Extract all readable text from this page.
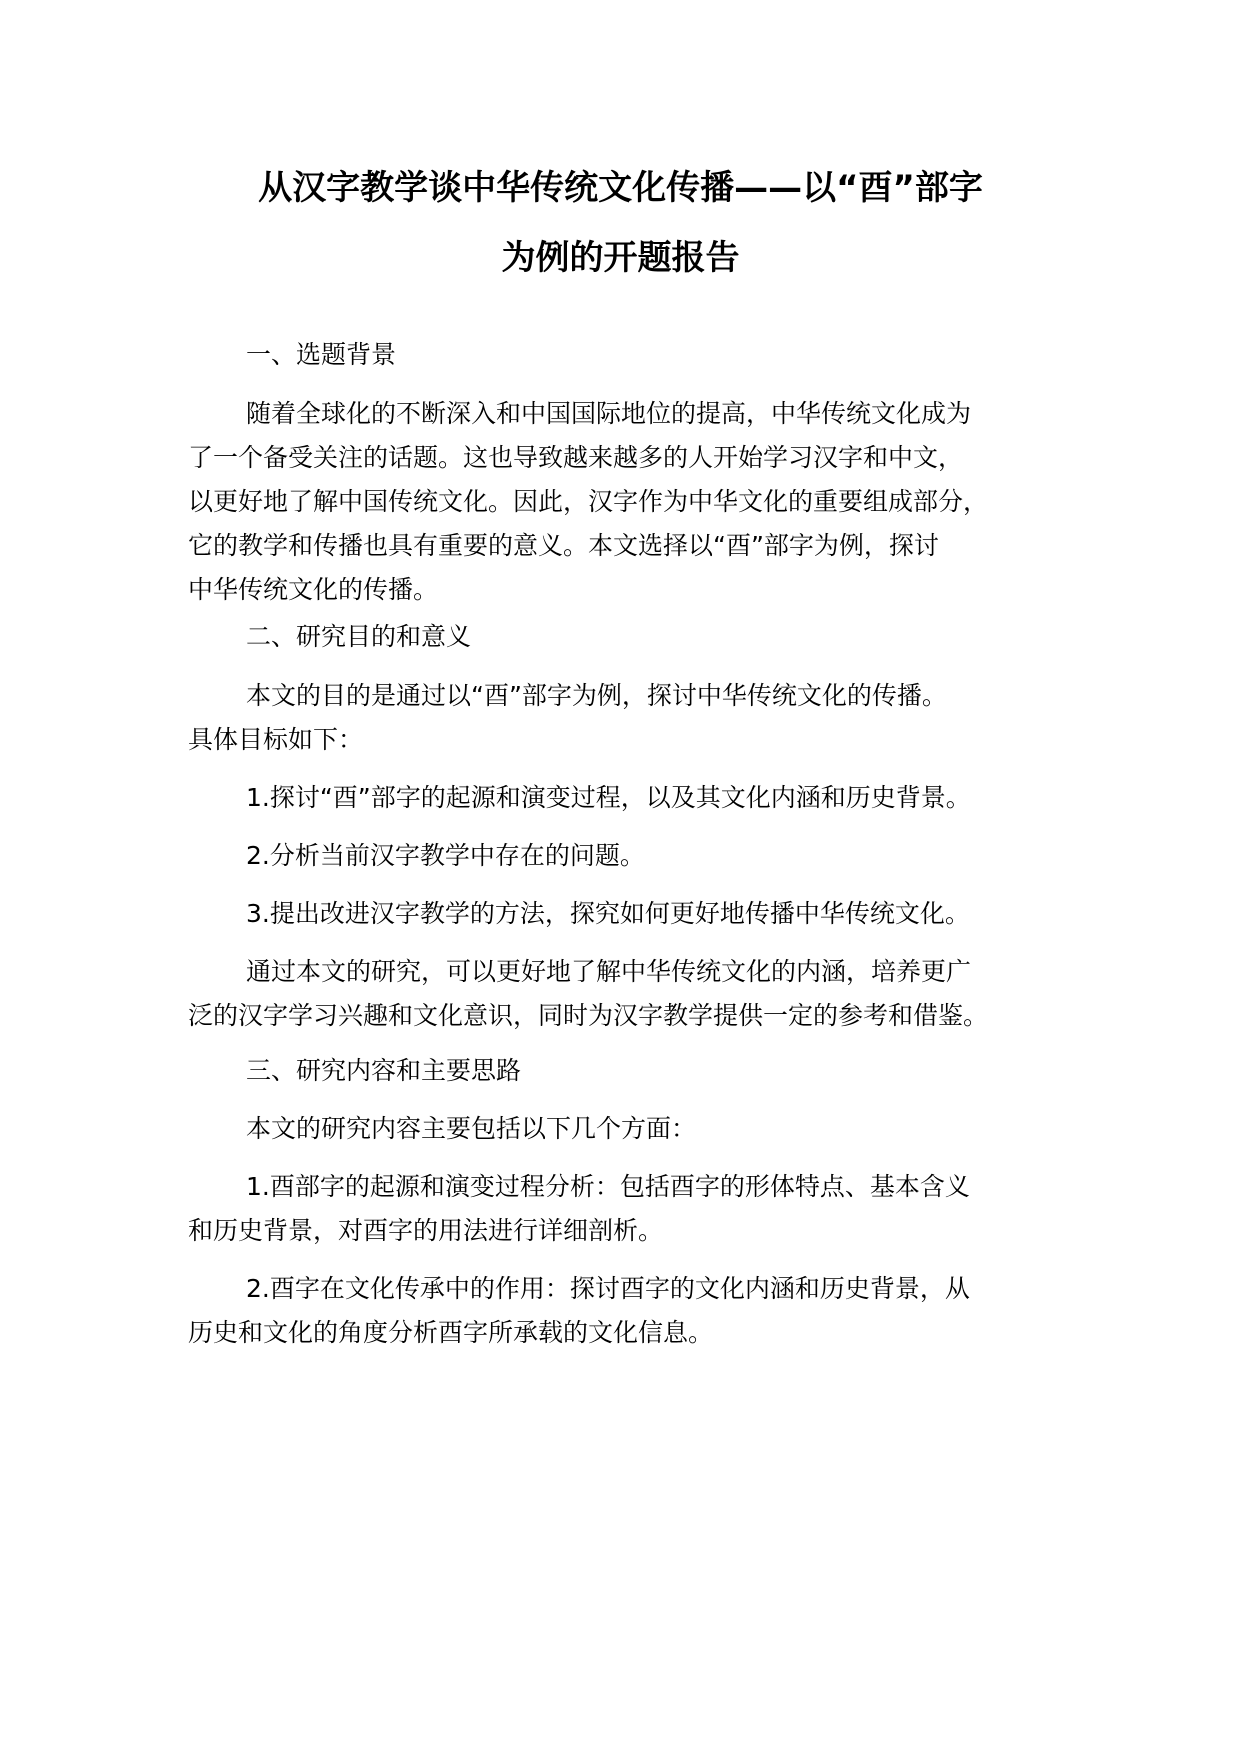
从汉字教学谈中华传统文化传播——以“酉”部字
为例的开题报告
一、选题背景
随着全球化的不断深入和中国国际地位的提高，中华传统文化成为
了一个备受关注的话题。这也导致越来越多的人开始学习汉字和中文，
以更好地了解中国传统文化。因此，汉字作为中华文化的重要组成部分，
它的教学和传播也具有重要的意义。本文选择以“酉”部字为例，探讨
中华传统文化的传播。
二、研究目的和意义
本文的目的是通过以“酉”部字为例，探讨中华传统文化的传播。
具体目标如下：
1.探讨“酉”部字的起源和演变过程，以及其文化内涵和历史背景。
2.分析当前汉字教学中存在的问题。
3.提出改进汉字教学的方法，探究如何更好地传播中华传统文化。
通过本文的研究，可以更好地了解中华传统文化的内涵，培养更广
泛的汉字学习兴趣和文化意识，同时为汉字教学提供一定的参考和借鉴。
三、研究内容和主要思路
本文的研究内容主要包括以下几个方面：
1.酉部字的起源和演变过程分析：包括酉字的形体特点、基本含义
和历史背景，对酉字的用法进行详细剖析。
2.酉字在文化传承中的作用：探讨酉字的文化内涵和历史背景，从
历史和文化的角度分析酉字所承载的文化信息。
